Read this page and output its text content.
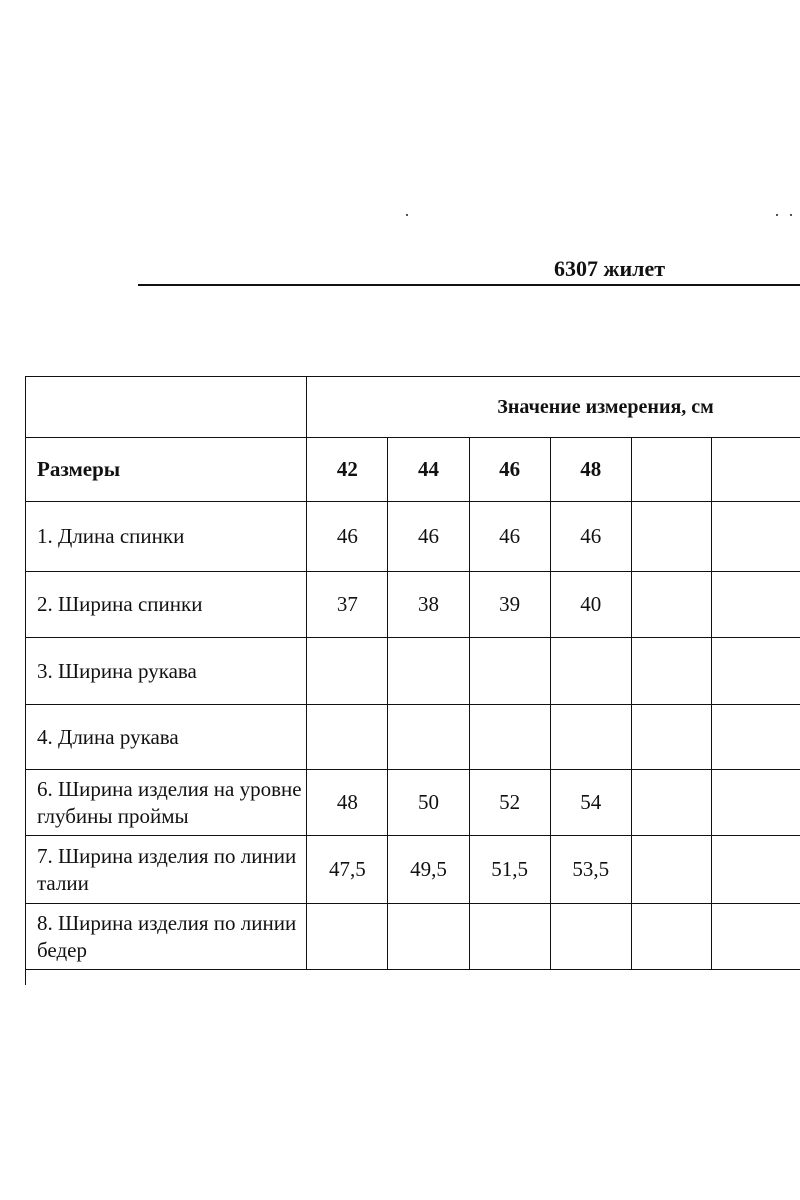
6307 жилет
	Значение измерения, см					
Размеры	42	44	46	48		
1. Длина спинки	46	46	46	46		
2. Ширина спинки	37	38	39	40		
3. Ширина рукава						
4. Длина рукава						
6. Ширина изделия на уровне глубины проймы	48	50	52	54		
7. Ширина изделия по линии талии	47,5	49,5	51,5	53,5		
8. Ширина изделия по линии бедер						
